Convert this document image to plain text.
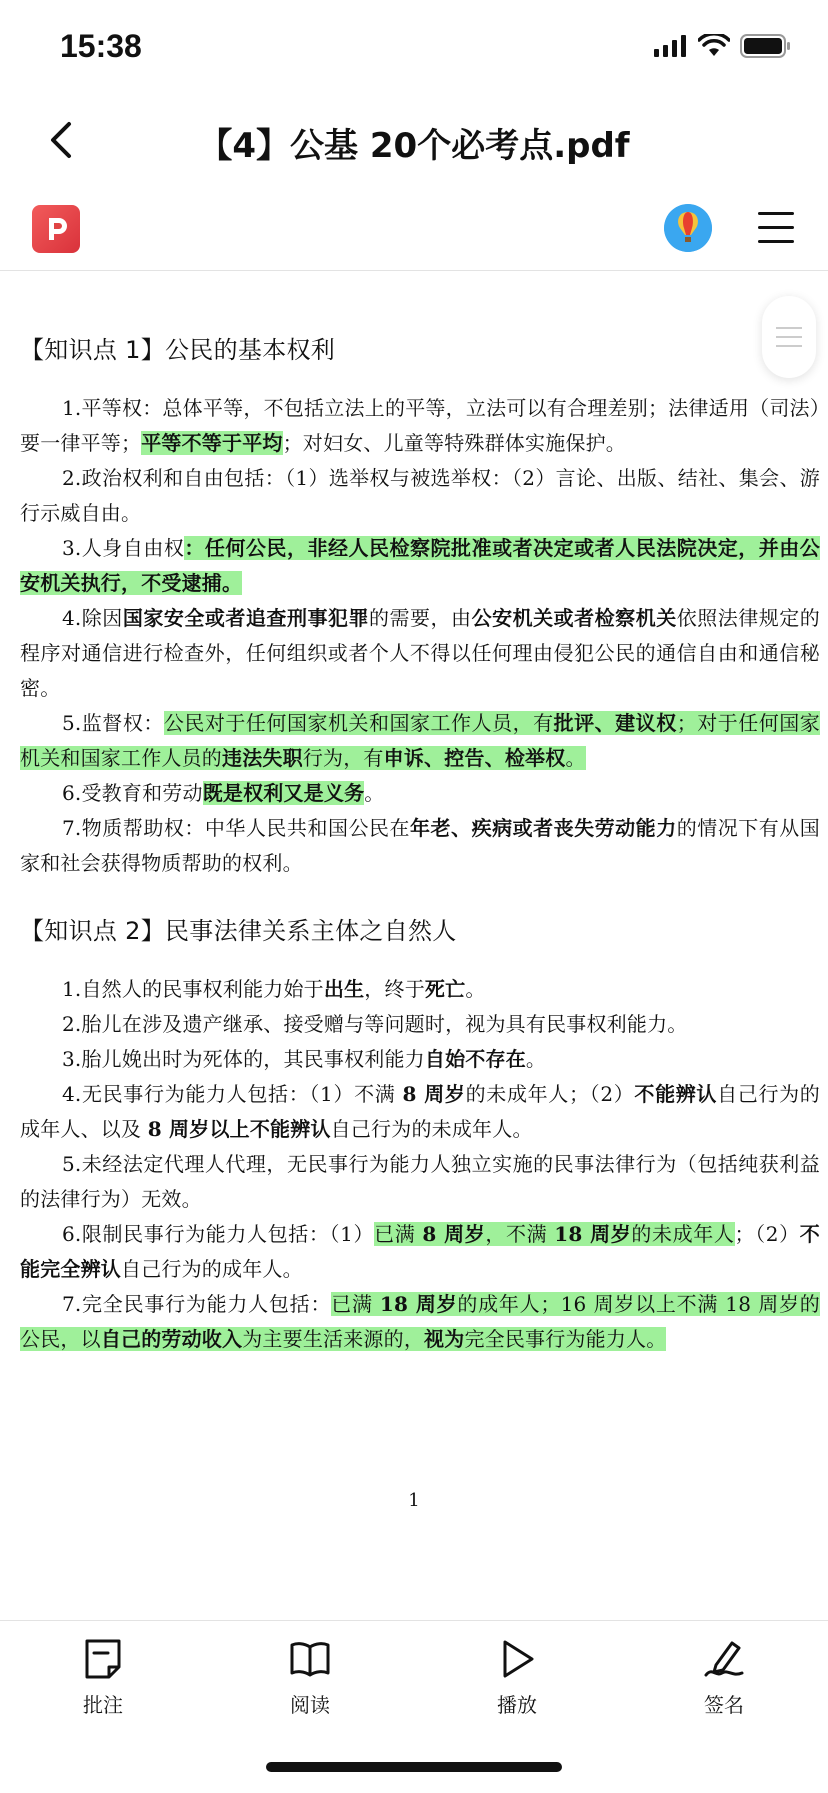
15:38
【4】公基 20个必考点.pdf
【知识点 1】公民的基本权利

1.平等权：总体平等，不包括立法上的平等，立法可以有合理差别；法律适用（司法）要一律平等；平等不等于平均；对妇女、儿童等特殊群体实施保护。

2.政治权利和自由包括：（1）选举权与被选举权：（2）言论、出版、结社、集会、游行示威自由。

3.人身自由权：任何公民，非经人民检察院批准或者决定或者人民法院决定，并由公安机关执行，不受逮捕。

4.除因国家安全或者追查刑事犯罪的需要，由公安机关或者检察机关依照法律规定的程序对通信进行检查外，任何组织或者个人不得以任何理由侵犯公民的通信自由和通信秘密。

5.监督权：公民对于任何国家机关和国家工作人员，有批评、建议权；对于任何国家机关和国家工作人员的违法失职行为，有申诉、控告、检举权。

6.受教育和劳动既是权利又是义务。

7.物质帮助权：中华人民共和国公民在年老、疾病或者丧失劳动能力的情况下有从国家和社会获得物质帮助的权利。

【知识点 2】民事法律关系主体之自然人

1.自然人的民事权利能力始于出生，终于死亡。

2.胎儿在涉及遗产继承、接受赠与等问题时，视为具有民事权利能力。

3.胎儿娩出时为死体的，其民事权利能力自始不存在。

4.无民事行为能力人包括：（1）不满 8 周岁的未成年人；（2）不能辨认自己行为的成年人、以及 8 周岁以上不能辨认自己行为的未成年人。

5.未经法定代理人代理，无民事行为能力人独立实施的民事法律行为（包括纯获利益的法律行为）无效。

6.限制民事行为能力人包括：（1）已满 8 周岁，不满 18 周岁的未成年人；（2）不能完全辨认自己行为的成年人。

7.完全民事行为能力人包括：已满 18 周岁的成年人；16 周岁以上不满 18 周岁的公民，以自己的劳动收入为主要生活来源的，视为完全民事行为能力人。

1
批注	阅读	播放	签名
